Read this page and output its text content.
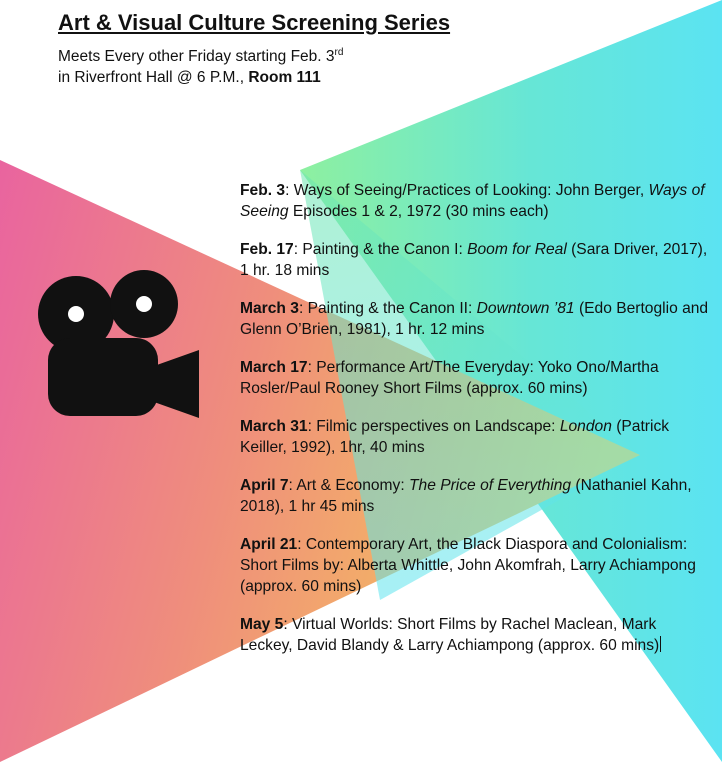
Art & Visual Culture Screening Series
Meets Every other Friday starting Feb. 3rd
in Riverfront Hall @ 6 P.M., Room 111

Feb. 3: Ways of Seeing/Practices of Looking: John Berger, Ways of Seeing Episodes 1 & 2, 1972 (30 mins each)

Feb. 17: Painting & the Canon I: Boom for Real (Sara Driver, 2017), 1 hr. 18 mins

March 3: Painting & the Canon II: Downtown ’81 (Edo Bertoglio and Glenn O’Brien, 1981), 1 hr. 12 mins

March 17: Performance Art/The Everyday: Yoko Ono/Martha Rosler/Paul Rooney Short Films (approx. 60 mins)

March 31: Filmic perspectives on Landscape: London (Patrick Keiller, 1992), 1hr, 40 mins

April 7: Art & Economy: The Price of Everything (Nathaniel Kahn, 2018), 1 hr 45 mins

April 21: Contemporary Art, the Black Diaspora and Colonialism: Short Films by: Alberta Whittle, John Akomfrah, Larry Achiampong (approx. 60 mins)

May 5: Virtual Worlds: Short Films by Rachel Maclean, Mark Leckey, David Blandy & Larry Achiampong (approx. 60 mins)
